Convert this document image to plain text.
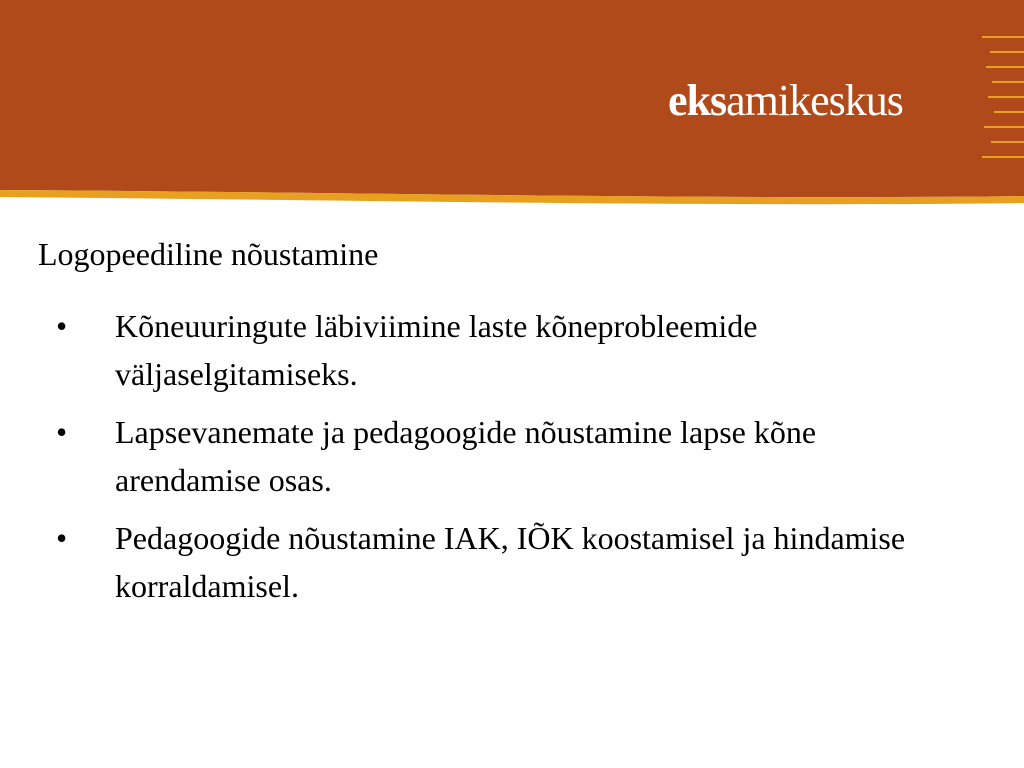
eksamikeskus
Logopeediline nõustamine
• Kõneuuringute läbiviimine laste kõneprobleemide väljaselgitamiseks.
• Lapsevanemate ja pedagoogide nõustamine lapse kõne arendamise osas.
• Pedagoogide nõustamine IAK, IÕK koostamisel ja hindamise korraldamisel.
